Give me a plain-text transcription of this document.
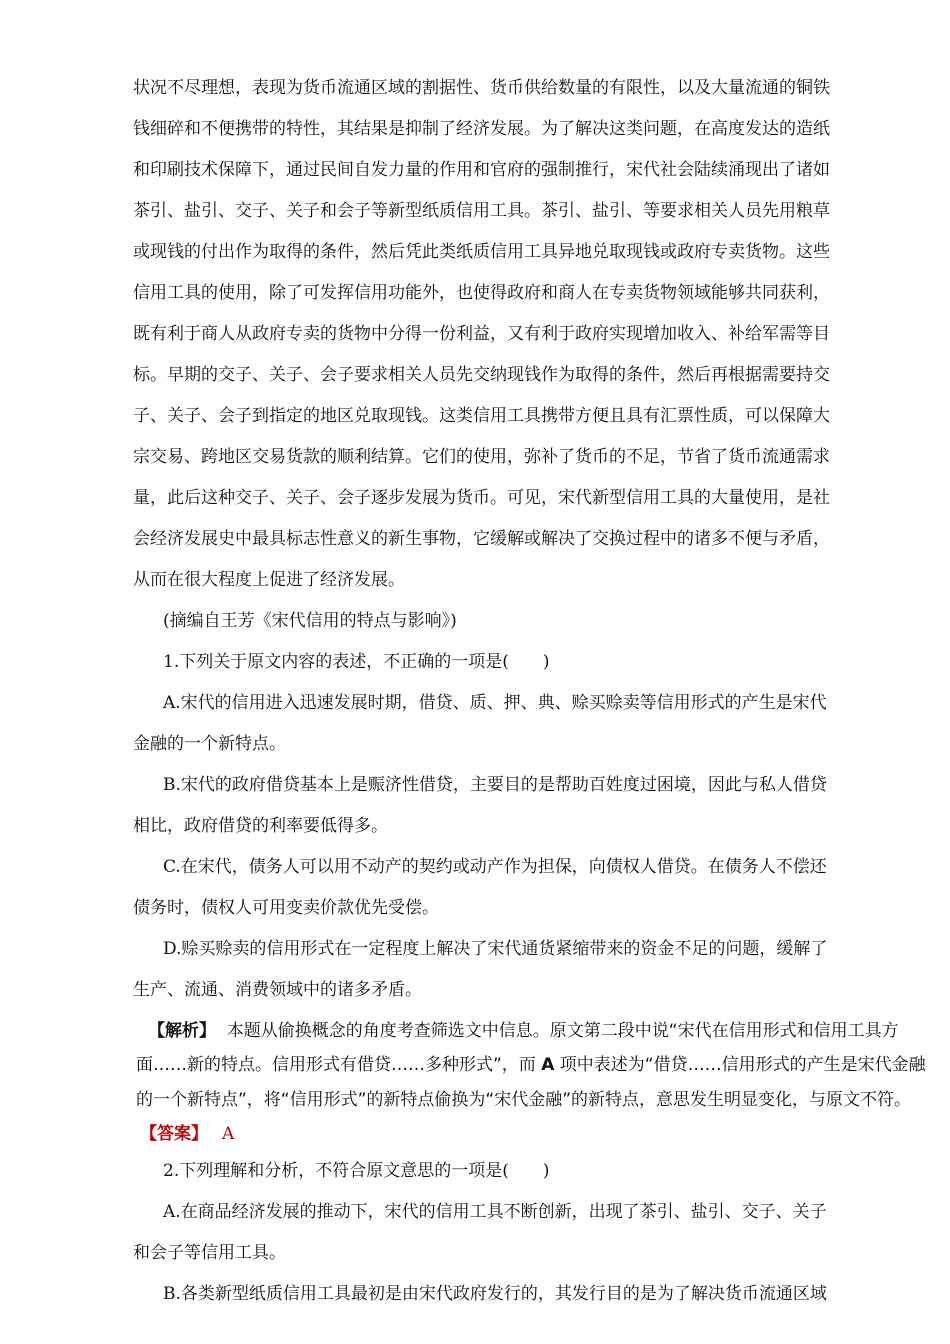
状况不尽理想，表现为货币流通区域的割据性、货币供给数量的有限性，以及大量流通的铜铁
钱细碎和不便携带的特性，其结果是抑制了经济发展。为了解决这类问题，在高度发达的造纸
和印刷技术保障下，通过民间自发力量的作用和官府的强制推行，宋代社会陆续涌现出了诸如
茶引、盐引、交子、关子和会子等新型纸质信用工具。茶引、盐引、等要求相关人员先用粮草
或现钱的付出作为取得的条件，然后凭此类纸质信用工具异地兑取现钱或政府专卖货物。这些
信用工具的使用，除了可发挥信用功能外，也使得政府和商人在专卖货物领域能够共同获利，
既有利于商人从政府专卖的货物中分得一份利益，又有利于政府实现增加收入、补给军需等目
标。早期的交子、关子、会子要求相关人员先交纳现钱作为取得的条件，然后再根据需要持交
子、关子、会子到指定的地区兑取现钱。这类信用工具携带方便且具有汇票性质，可以保障大
宗交易、跨地区交易货款的顺利结算。它们的使用，弥补了货币的不足，节省了货币流通需求
量，此后这种交子、关子、会子逐步发展为货币。可见，宋代新型信用工具的大量使用，是社
会经济发展史中最具标志性意义的新生事物，它缓解或解决了交换过程中的诸多不便与矛盾，
从而在很大程度上促进了经济发展。
(摘编自王芳《宋代信用的特点与影响》)
1.下列关于原文内容的表述，不正确的一项是(　　)
A.宋代的信用进入迅速发展时期，借贷、质、押、典、赊买赊卖等信用形式的产生是宋代
金融的一个新特点。
B.宋代的政府借贷基本上是赈济性借贷，主要目的是帮助百姓度过困境，因此与私人借贷
相比，政府借贷的利率要低得多。
C.在宋代，债务人可以用不动产的契约或动产作为担保，向债权人借贷。在债务人不偿还
债务时，债权人可用变卖价款优先受偿。
D.赊买赊卖的信用形式在一定程度上解决了宋代通货紧缩带来的资金不足的问题，缓解了
生产、流通、消费领域中的诸多矛盾。
【解析】 本题从偷换概念的角度考查筛选文中信息。原文第二段中说“宋代在信用形式和信用工具方
面……新的特点。信用形式有借贷……多种形式”，而 A 项中表述为“借贷……信用形式的产生是宋代金融
的一个新特点”，将“信用形式”的新特点偷换为“宋代金融”的新特点，意思发生明显变化，与原文不符。
【答案】 A
2.下列理解和分析，不符合原文意思的一项是(　　)
A.在商品经济发展的推动下，宋代的信用工具不断创新，出现了茶引、盐引、交子、关子
和会子等信用工具。
B.各类新型纸质信用工具最初是由宋代政府发行的，其发行目的是为了解决货币流通区域
